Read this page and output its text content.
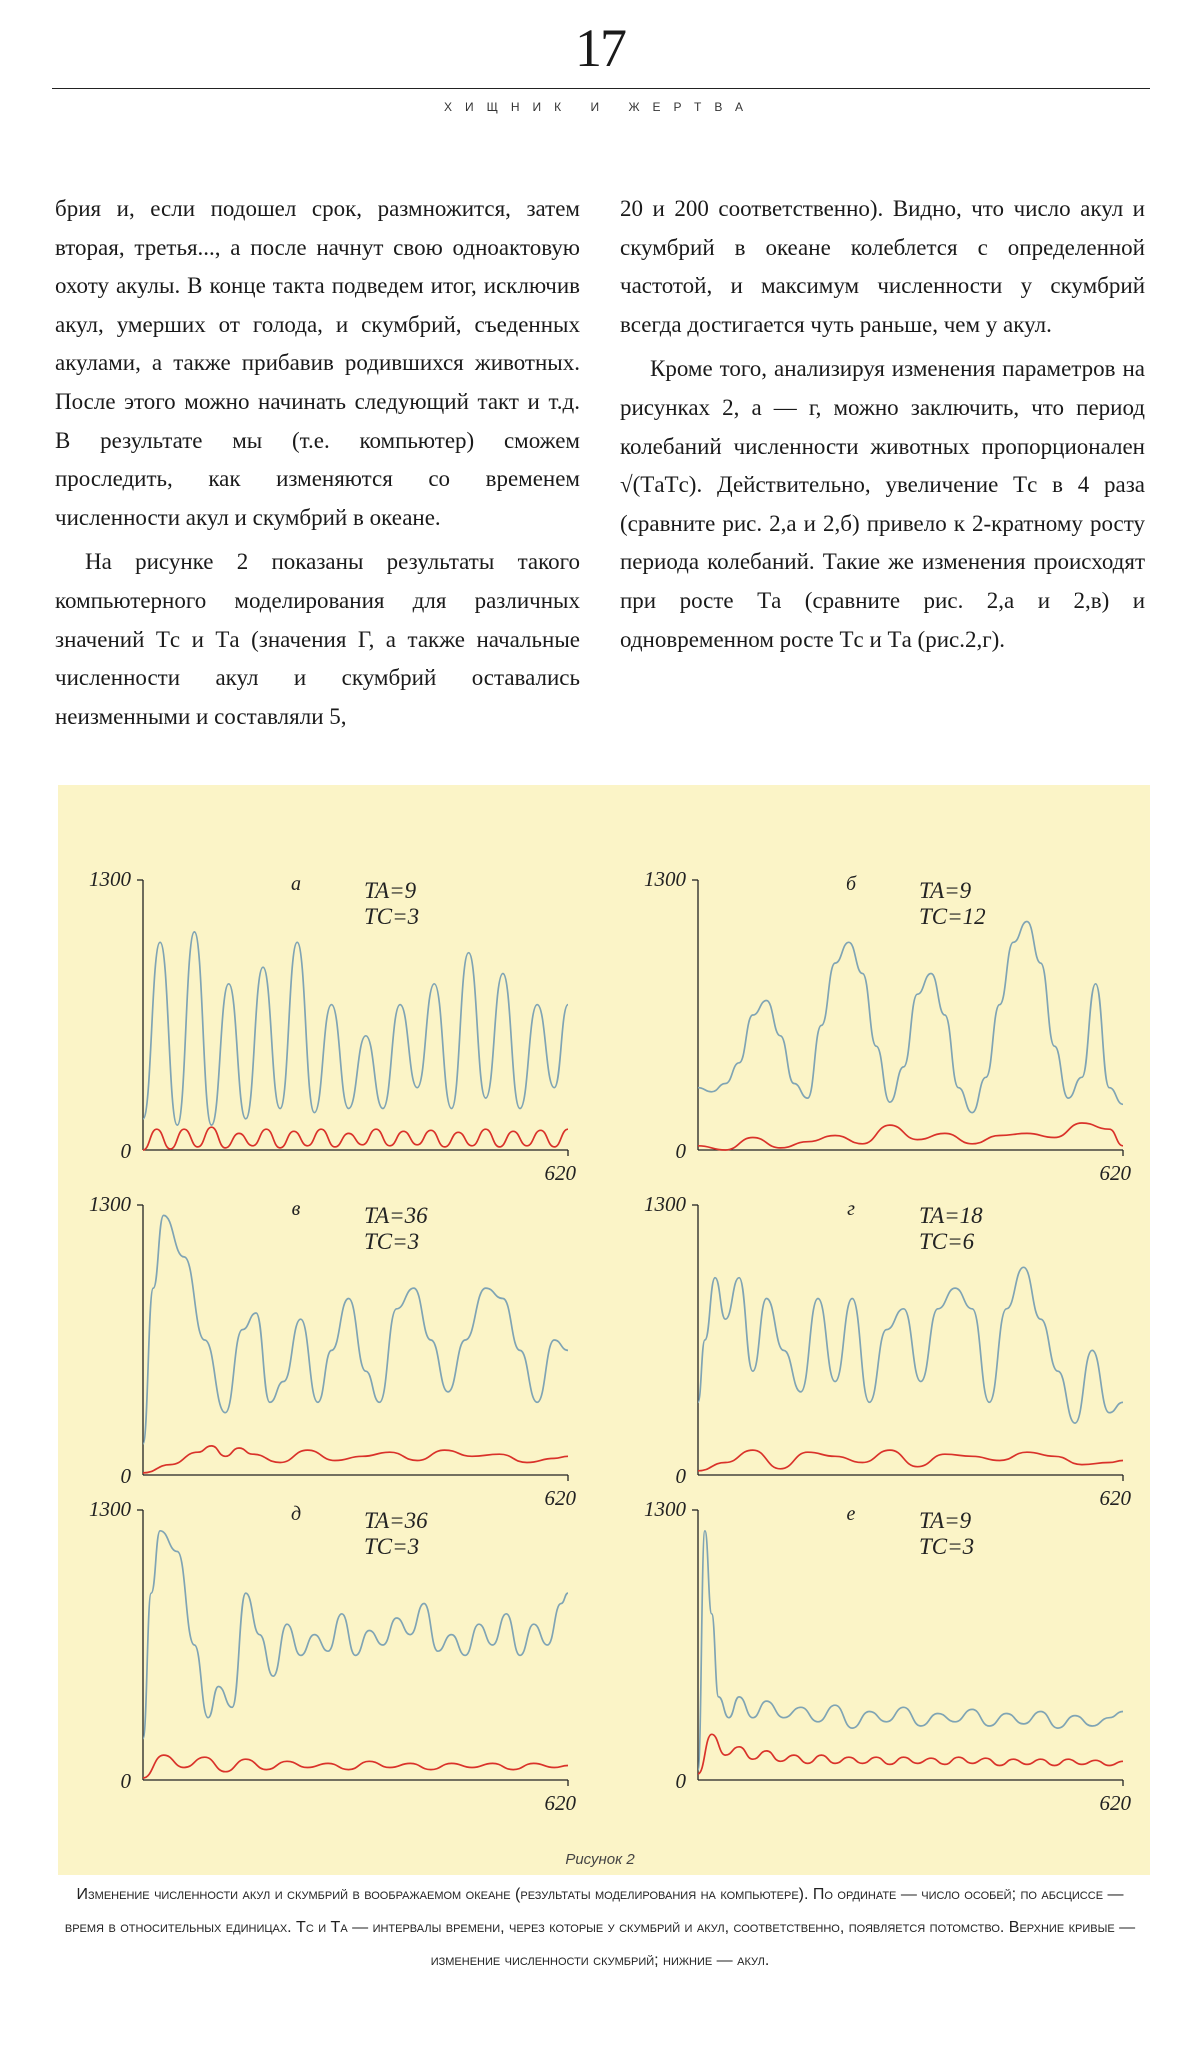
17
ХИЩНИК И ЖЕРТВА

брия и, если подошел срок, размножится, затем вторая, третья..., а после начнут свою одноактовую охоту акулы. В конце такта подведем итог, исключив акул, умерших от голода, и скумбрий, съеденных акулами, а также прибавив родившихся животных. После этого можно начинать следующий такт и т.д. В результате мы (т.е. компьютер) сможем проследить, как изменяются со временем численности акул и скумбрий в океане.

На рисунке 2 показаны результаты такого компьютерного моделирования для различных значений Tс и Tа (значения Г, а также начальные численности акул и скумбрий оставались неизменными и составляли 5,

20 и 200 соответственно). Видно, что число акул и скумбрий в океане колеблется с определенной частотой, и максимум численности у скумбрий всегда достигается чуть раньше, чем у акул.

Кроме того, анализируя изменения параметров на рисунках 2, а — г, можно заключить, что период колебаний численности животных пропорционален √(TаTс). Действительно, увеличение Tс в 4 раза (сравните рис. 2,а и 2,б) привело к 2-кратному росту периода колебаний. Такие же изменения происходят при росте Tа (сравните рис. 2,а и 2,в) и одновременном росте Tс и Tа (рис.2,г).

1300
0
620
а	TA=9
TC=3
1300
0
620
б	TA=9
TC=12
1300
0
620
в	TA=36
TC=3
1300
0
620
г	TA=18
TC=6
1300
0
620
д	TA=36
TC=3
1300
0
620
е	TA=9
TC=3
Рисунок 2
Изменение численности акул и скумбрий в воображаемом океане (результаты моделирования на компьютере). По ординате — число особей; по абсциссе — время в относительных единицах. Tс и Tа — интервалы времени, через которые у скумбрий и акул, соответственно, появляется потомство. Верхние кривые — изменение численности скумбрий; нижние — акул.
